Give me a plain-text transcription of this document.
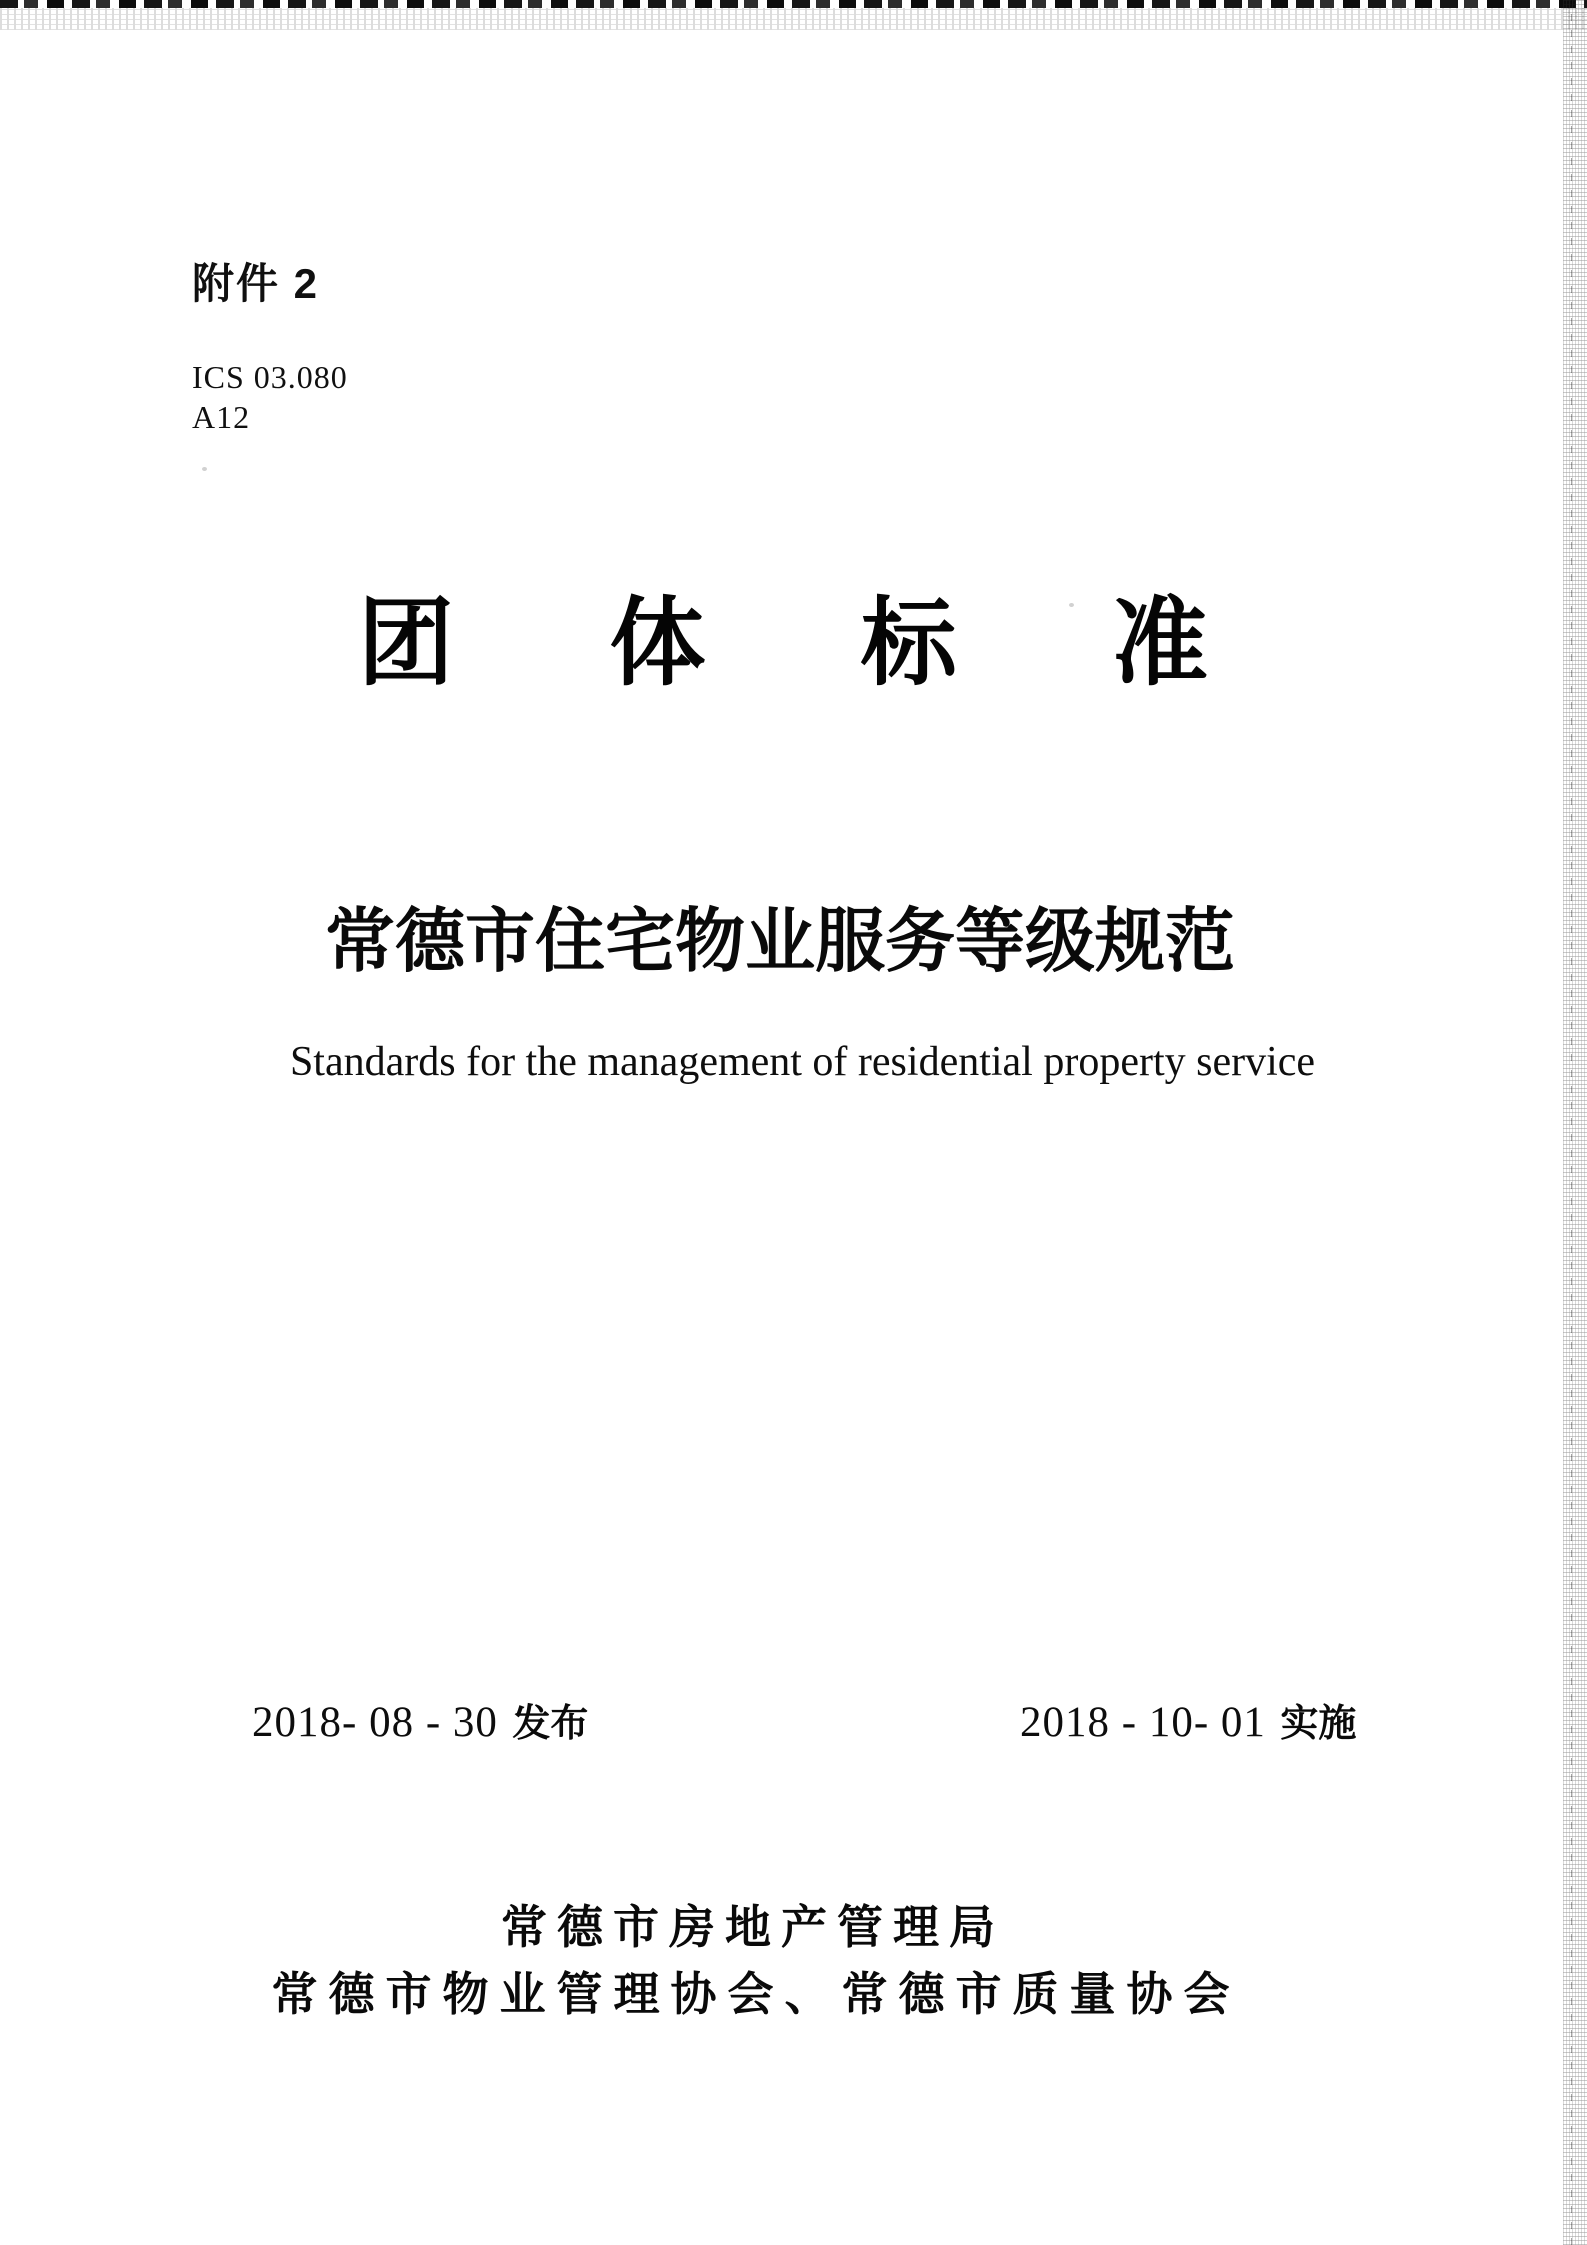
附件 2
ICS 03.080
A12
团 体 标 准
常德市住宅物业服务等级规范
Standards for the management of residential property service
2018- 08 - 30 发布	2018 - 10- 01 实施
常德市房地产管理局
常德市物业管理协会、常德市质量协会
